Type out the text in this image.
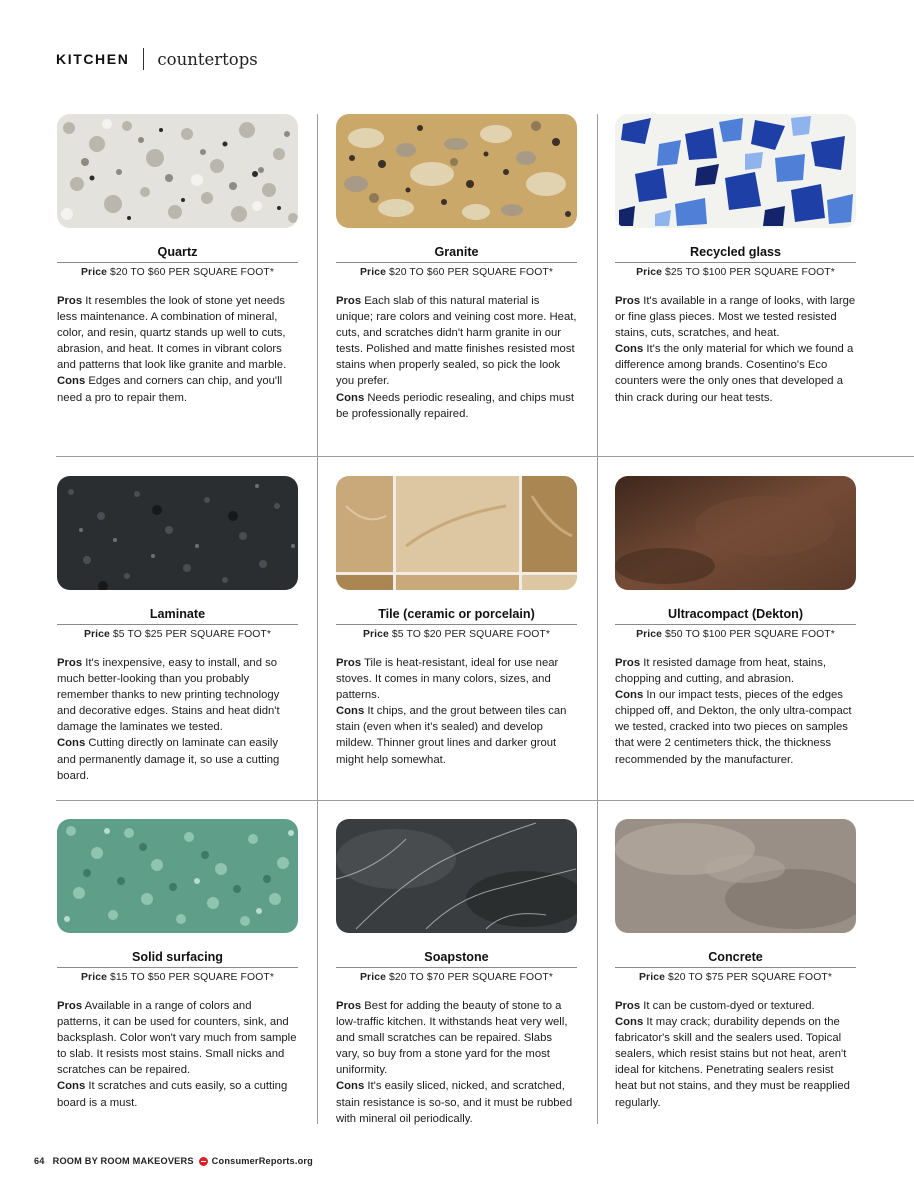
KITCHEN countertops
Quartz
Price $20 TO $60 PER SQUARE FOOT*
Pros It resembles the look of stone yet needs less maintenance. A combination of mineral, color, and resin, quartz stands up well to cuts, abrasion, and heat. It comes in vibrant colors and patterns that look like granite and marble.
Cons Edges and corners can chip, and you'll need a pro to repair them.
Granite
Price $20 TO $60 PER SQUARE FOOT*
Pros Each slab of this natural material is unique; rare colors and veining cost more. Heat, cuts, and scratches didn't harm granite in our tests. Polished and matte finishes resisted most stains when properly sealed, so pick the look you prefer.
Cons Needs periodic resealing, and chips must be professionally repaired.
Recycled glass
Price $25 TO $100 PER SQUARE FOOT*
Pros It's available in a range of looks, with large or fine glass pieces. Most we tested resisted stains, cuts, scratches, and heat.
Cons It's the only material for which we found a difference among brands. Cosentino's Eco counters were the only ones that developed a thin crack during our heat tests.
Laminate
Price $5 TO $25 PER SQUARE FOOT*
Pros It's inexpensive, easy to install, and so much better-looking than you probably remember thanks to new printing technology and decorative edges. Stains and heat didn't damage the laminates we tested.
Cons Cutting directly on laminate can easily and permanently damage it, so use a cutting board.
Tile (ceramic or porcelain)
Price $5 TO $20 PER SQUARE FOOT*
Pros Tile is heat-resistant, ideal for use near stoves. It comes in many colors, sizes, and patterns.
Cons It chips, and the grout between tiles can stain (even when it's sealed) and develop mildew. Thinner grout lines and darker grout might help somewhat.
Ultracompact (Dekton)
Price $50 TO $100 PER SQUARE FOOT*
Pros It resisted damage from heat, stains, chopping and cutting, and abrasion.
Cons In our impact tests, pieces of the edges chipped off, and Dekton, the only ultra-compact we tested, cracked into two pieces on samples that were 2 centimeters thick, the thickness recommended by the manufacturer.
Solid surfacing
Price $15 TO $50 PER SQUARE FOOT*
Pros Available in a range of colors and patterns, it can be used for counters, sink, and backsplash. Color won't vary much from sample to slab. It resists most stains. Small nicks and scratches can be repaired.
Cons It scratches and cuts easily, so a cutting board is a must.
Soapstone
Price $20 TO $70 PER SQUARE FOOT*
Pros Best for adding the beauty of stone to a low-traffic kitchen. It withstands heat very well, and small scratches can be repaired. Slabs vary, so buy from a stone yard for the most uniformity.
Cons It's easily sliced, nicked, and scratched, stain resistance is so-so, and it must be rubbed with mineral oil periodically.
Concrete
Price $20 TO $75 PER SQUARE FOOT*
Pros It can be custom-dyed or textured.
Cons It may crack; durability depends on the fabricator's skill and the sealers used. Topical sealers, which resist stains but not heat, aren't ideal for kitchens. Penetrating sealers resist heat but not stains, and they must be reapplied regularly.
64 ROOM BY ROOM MAKEOVERS ConsumerReports.org
